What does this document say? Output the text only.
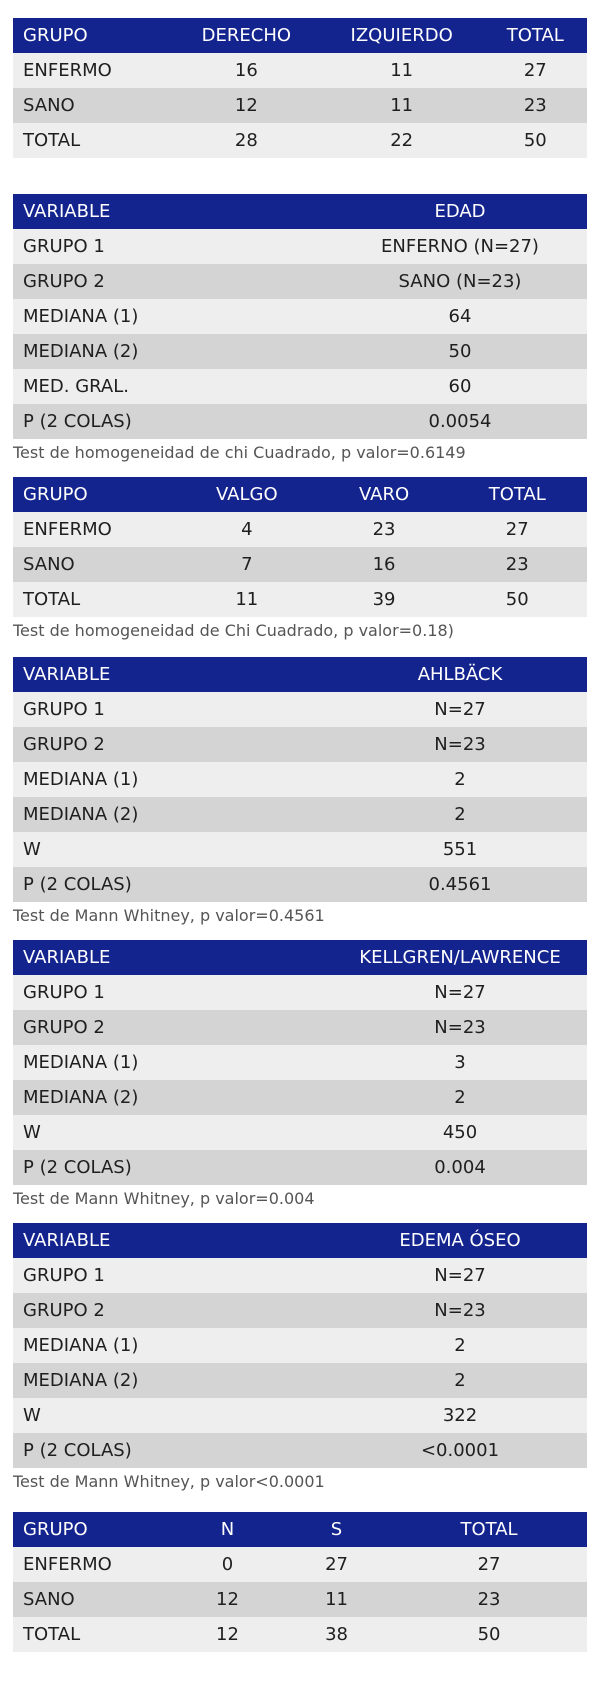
GRUPO	DERECHO	IZQUIERDO	TOTAL
ENFERMO	16	11	27
SANO	12	11	23
TOTAL	28	22	50
VARIABLE	EDAD
GRUPO 1	ENFERNO (N=27)
GRUPO 2	SANO (N=23)
MEDIANA (1)	64
MEDIANA (2)	50
MED. GRAL.	60
P (2 COLAS)	0.0054
Test de homogeneidad de chi Cuadrado, p valor=0.6149
GRUPO	VALGO	VARO	TOTAL
ENFERMO	4	23	27
SANO	7	16	23
TOTAL	11	39	50
Test de homogeneidad de Chi Cuadrado, p valor=0.18)
VARIABLE	AHLBÄCK
GRUPO 1	N=27
GRUPO 2	N=23
MEDIANA (1)	2
MEDIANA (2)	2
W	551
P (2 COLAS)	0.4561
Test de Mann Whitney, p valor=0.4561
VARIABLE	KELLGREN/LAWRENCE
GRUPO 1	N=27
GRUPO 2	N=23
MEDIANA (1)	3
MEDIANA (2)	2
W	450
P (2 COLAS)	0.004
Test de Mann Whitney, p valor=0.004
VARIABLE	EDEMA ÓSEO
GRUPO 1	N=27
GRUPO 2	N=23
MEDIANA (1)	2
MEDIANA (2)	2
W	322
P (2 COLAS)	<0.0001
Test de Mann Whitney, p valor<0.0001
GRUPO	N	S	TOTAL
ENFERMO	0	27	27
SANO	12	11	23
TOTAL	12	38	50
